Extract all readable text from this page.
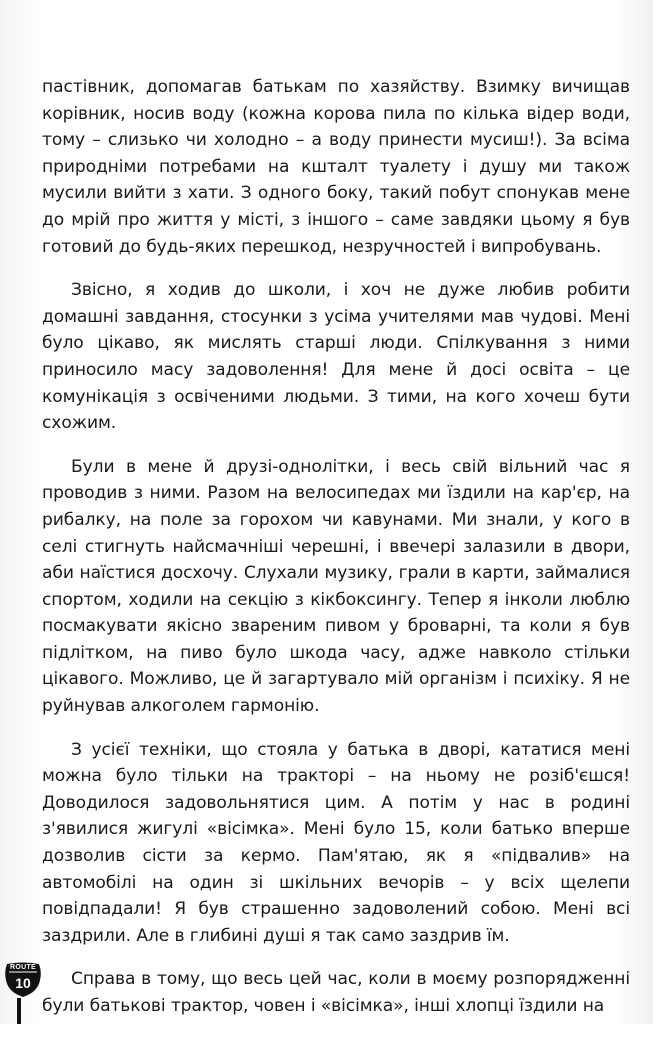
пастівник, допомагав батькам по хазяйству. Взимку вичищав корівник, носив воду (кожна корова пила по кілька відер води, тому – слизько чи холодно – а воду принести мусиш!). За всіма природніми потребами на кшталт туалету і душу ми також мусили вийти з хати. З одного боку, такий побут спонукав мене до мрій про життя у місті, з іншого – саме завдяки цьому я був готовий до будь-яких перешкод, незручностей і випробувань.

Звісно, я ходив до школи, і хоч не дуже любив робити домашні завдання, стосунки з усіма учителями мав чудові. Мені було цікаво, як мислять старші люди. Спілкування з ними приносило масу задоволення! Для мене й досі освіта – це комунікація з освіченими людьми. З тими, на кого хочеш бути схожим.

Були в мене й друзі-однолітки, і весь свій вільний час я проводив з ними. Разом на велосипедах ми їздили на кар'єр, на рибалку, на поле за горохом чи кавунами. Ми знали, у кого в селі стигнуть найсмачніші черешні, і ввечері залазили в двори, аби наїстися досхочу. Слухали музику, грали в карти, займалися спортом, ходили на секцію з кікбоксингу. Тепер я інколи люблю посмакувати якісно звареним пивом у броварні, та коли я був підлітком, на пиво було шкода часу, адже навколо стільки цікавого. Можливо, це й загартувало мій організм і психіку. Я не руйнував алкоголем гармонію.

З усієї техніки, що стояла у батька в дворі, кататися мені можна було тільки на тракторі – на ньому не розіб'єшся! Доводилося задовольнятися цим. А потім у нас в родині з'явилися жигулі «вісімка». Мені було 15, коли батько вперше дозволив сісти за кермо. Пам'ятаю, як я «підвалив» на автомобілі на один зі шкільних вечорів – у всіх щелепи повідпадали! Я був страшенно задоволений собою. Мені всі заздрили. Але в глибині душі я так само заздрив їм.

Справа в тому, що весь цей час, коли в моєму розпорядженні були батькові трактор, човен і «вісімка», інші хлопці їздили на

ROUTE
10
